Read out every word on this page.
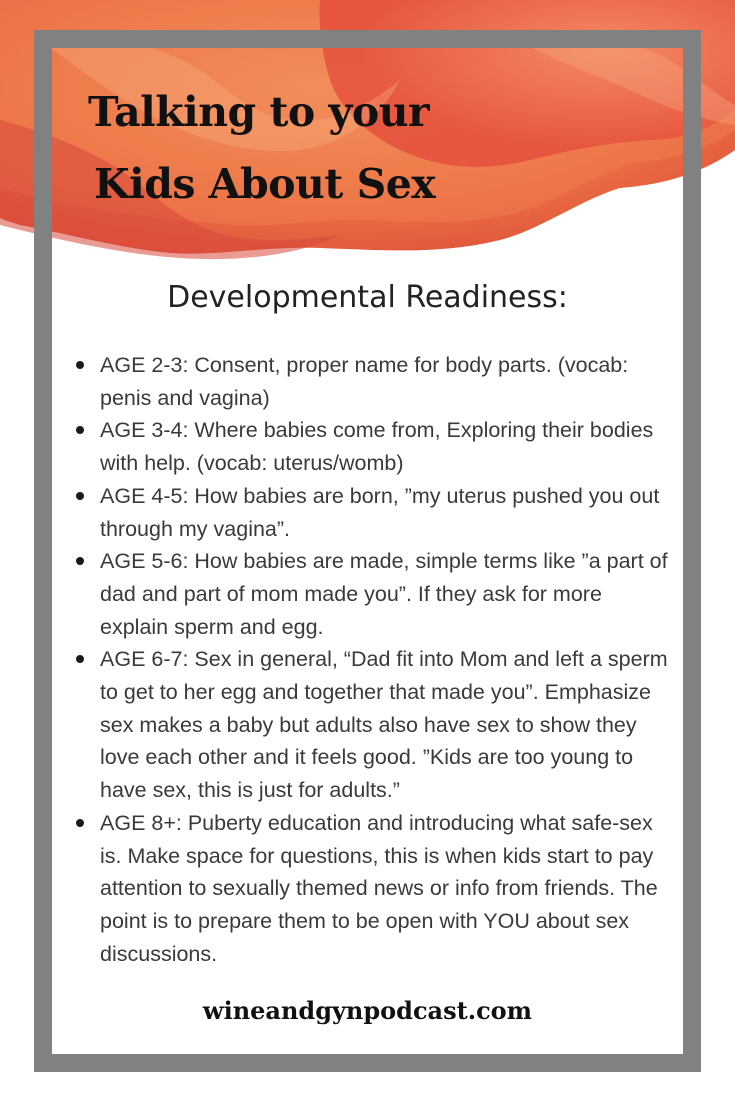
Talking to your
Kids About Sex
Developmental Readiness:
AGE 2-3: Consent, proper name for body parts. (vocab: penis and vagina)
AGE 3-4: Where babies come from, Exploring their bodies with help. (vocab: uterus/womb)
AGE 4-5: How babies are born, ”my uterus pushed you out through my vagina”.
AGE 5-6: How babies are made, simple terms like ”a part of dad and part of mom made you”. If they ask for more explain sperm and egg.
AGE 6-7: Sex in general, “Dad fit into Mom and left a sperm to get to her egg and together that made you”. Emphasize sex makes a baby but adults also have sex to show they love each other and it feels good. ”Kids are too young to have sex, this is just for adults.”
AGE 8+: Puberty education and introducing what safe-sex is. Make space for questions, this is when kids start to pay attention to sexually themed news or info from friends. The point is to prepare them to be open with YOU about sex discussions.
wineandgynpodcast.com
